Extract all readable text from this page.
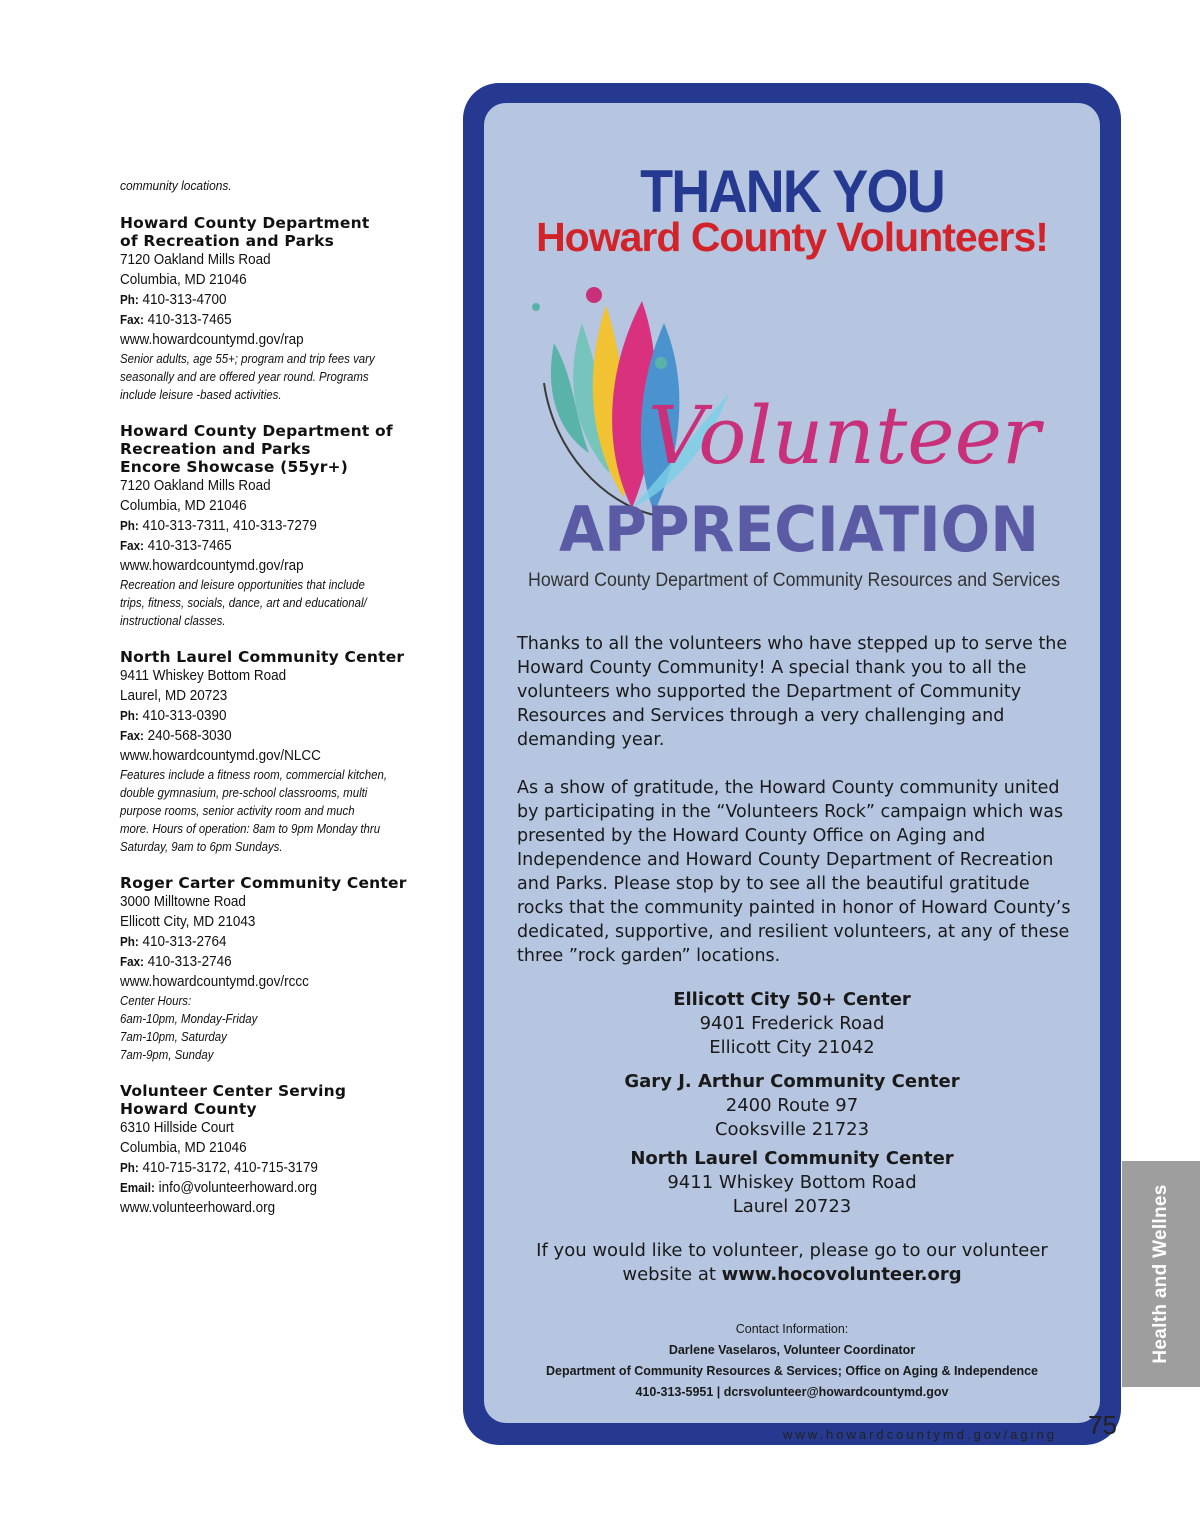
community locations.
Howard County Department
of Recreation and Parks
7120 Oakland Mills Road
Columbia, MD 21046
Ph: 410-313-4700
Fax: 410-313-7465
www.howardcountymd.gov/rap
Senior adults, age 55+; program and trip fees vary
seasonally and are offered year round. Programs
include leisure -based activities.
Howard County Department of
Recreation and Parks
Encore Showcase (55yr+)
7120 Oakland Mills Road
Columbia, MD 21046
Ph: 410-313-7311, 410-313-7279
Fax: 410-313-7465
www.howardcountymd.gov/rap
Recreation and leisure opportunities that include
trips, fitness, socials, dance, art and educational/
instructional classes.
North Laurel Community Center
9411 Whiskey Bottom Road
Laurel, MD 20723
Ph: 410-313-0390
Fax: 240-568-3030
www.howardcountymd.gov/NLCC
Features include a fitness room, commercial kitchen,
double gymnasium, pre-school classrooms, multi
purpose rooms, senior activity room and much
more. Hours of operation: 8am to 9pm Monday thru
Saturday, 9am to 6pm Sundays.
Roger Carter Community Center
3000 Milltowne Road
Ellicott City, MD 21043
Ph: 410-313-2764
Fax: 410-313-2746
www.howardcountymd.gov/rccc
Center Hours:
6am-10pm, Monday-Friday
7am-10pm, Saturday
7am-9pm, Sunday
Volunteer Center Serving
Howard County
6310 Hillside Court
Columbia, MD 21046
Ph: 410-715-3172, 410-715-3179
Email: info@volunteerhoward.org
www.volunteerhoward.org
THANK YOU
Howard County Volunteers!
Volunteer
APPRECIATION
Howard County Department of Community Resources and Services

Thanks to all the volunteers who have stepped up to serve the Howard County Community! A special thank you to all the volunteers who supported the Department of Community Resources and Services through a very challenging and demanding year.

As a show of gratitude, the Howard County community united by participating in the “Volunteers Rock” campaign which was presented by the Howard County Office on Aging and Independence and Howard County Department of Recreation and Parks. Please stop by to see all the beautiful gratitude rocks that the community painted in honor of Howard County’s dedicated, supportive, and resilient volunteers, at any of these three ”rock garden” locations.

Ellicott City 50+ Center
9401 Frederick Road
Ellicott City 21042
Gary J. Arthur Community Center
2400 Route 97
Cooksville 21723
North Laurel Community Center
9411 Whiskey Bottom Road
Laurel 20723
If you would like to volunteer, please go to our volunteer
website at www.hocovolunteer.org
Contact Information:
Darlene Vaselaros, Volunteer Coordinator
Department of Community Resources & Services; Office on Aging & Independence
410-313-5951 | dcrsvolunteer@howardcountymd.gov
Health and Wellnes
www.howardcountymd.gov/aging 75
